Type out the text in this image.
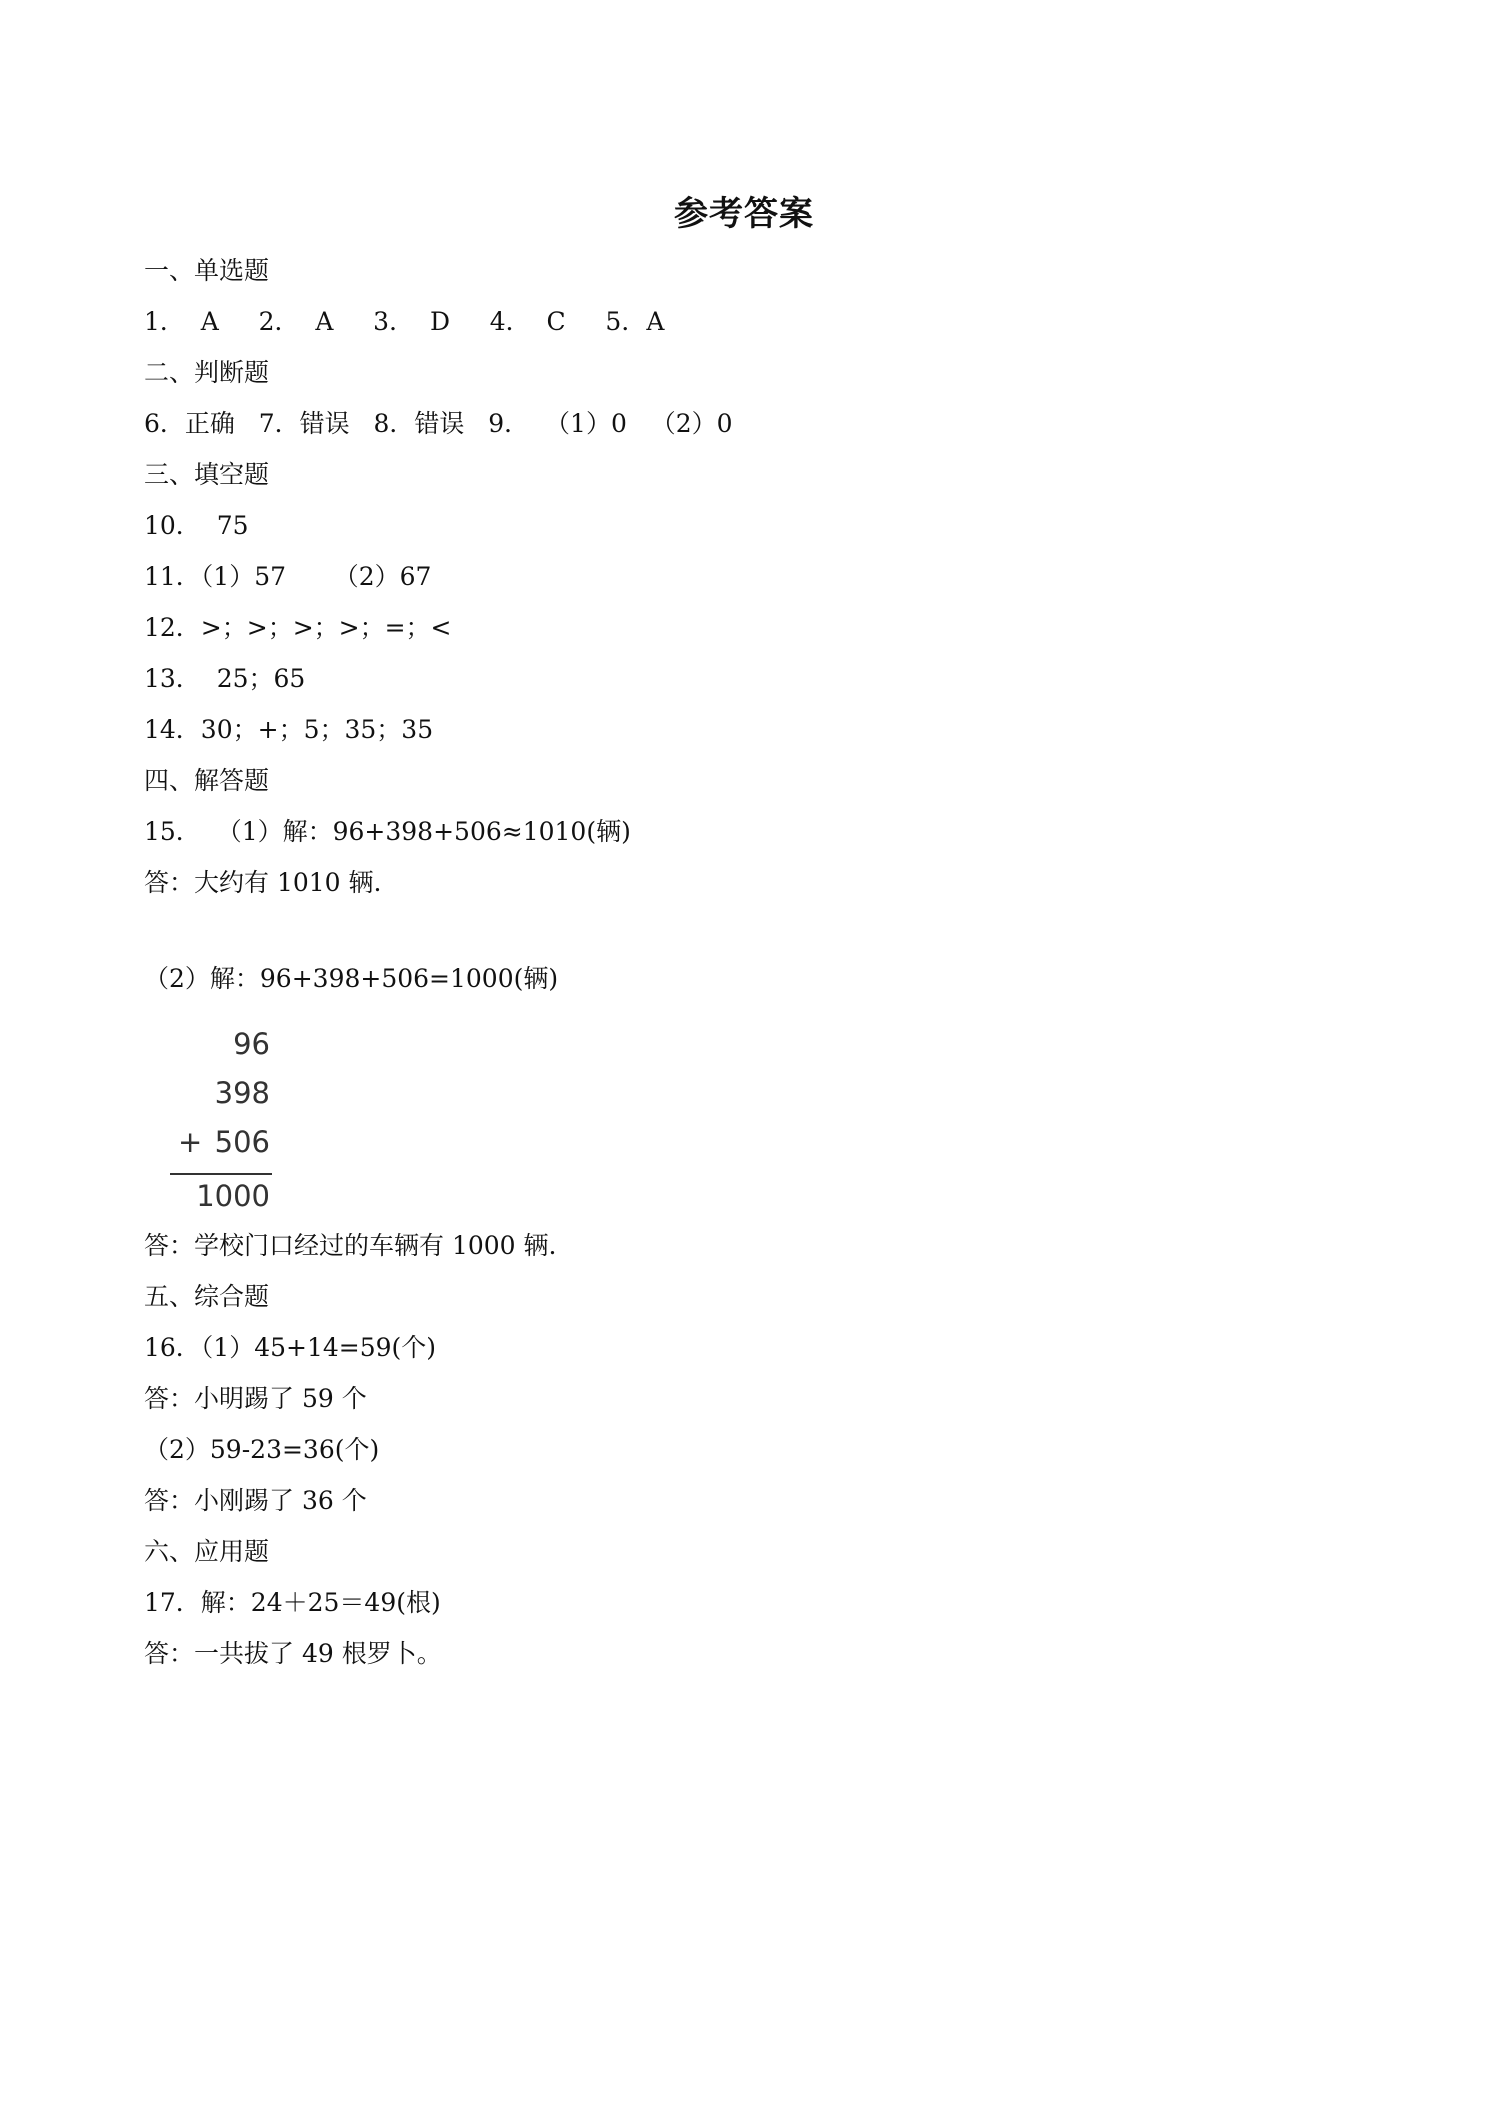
参考答案
一、单选题
1．  A     2．  A     3．  D     4．  C     5．A
二、判断题
6．正确   7．错误   8．错误   9．  （1）0   （2）0
三、填空题
10．  75
11．（1）57      （2）67
12．>；>；>；>；=；<
13．  25；65
14．30；+；5；35；35
四、解答题
15．  （1）解：96+398+506≈1010(辆)
答：大约有 1010 辆.
（2）解：96+398+506=1000(辆)
96
398
+ 506
1000
答：学校门口经过的车辆有 1000 辆.
五、综合题
16．（1）45+14=59(个)
答：小明踢了 59 个
（2）59-23=36(个)
答：小刚踢了 36 个
六、应用题
17．解：24＋25＝49(根)
答：一共拔了 49 根罗卜。
